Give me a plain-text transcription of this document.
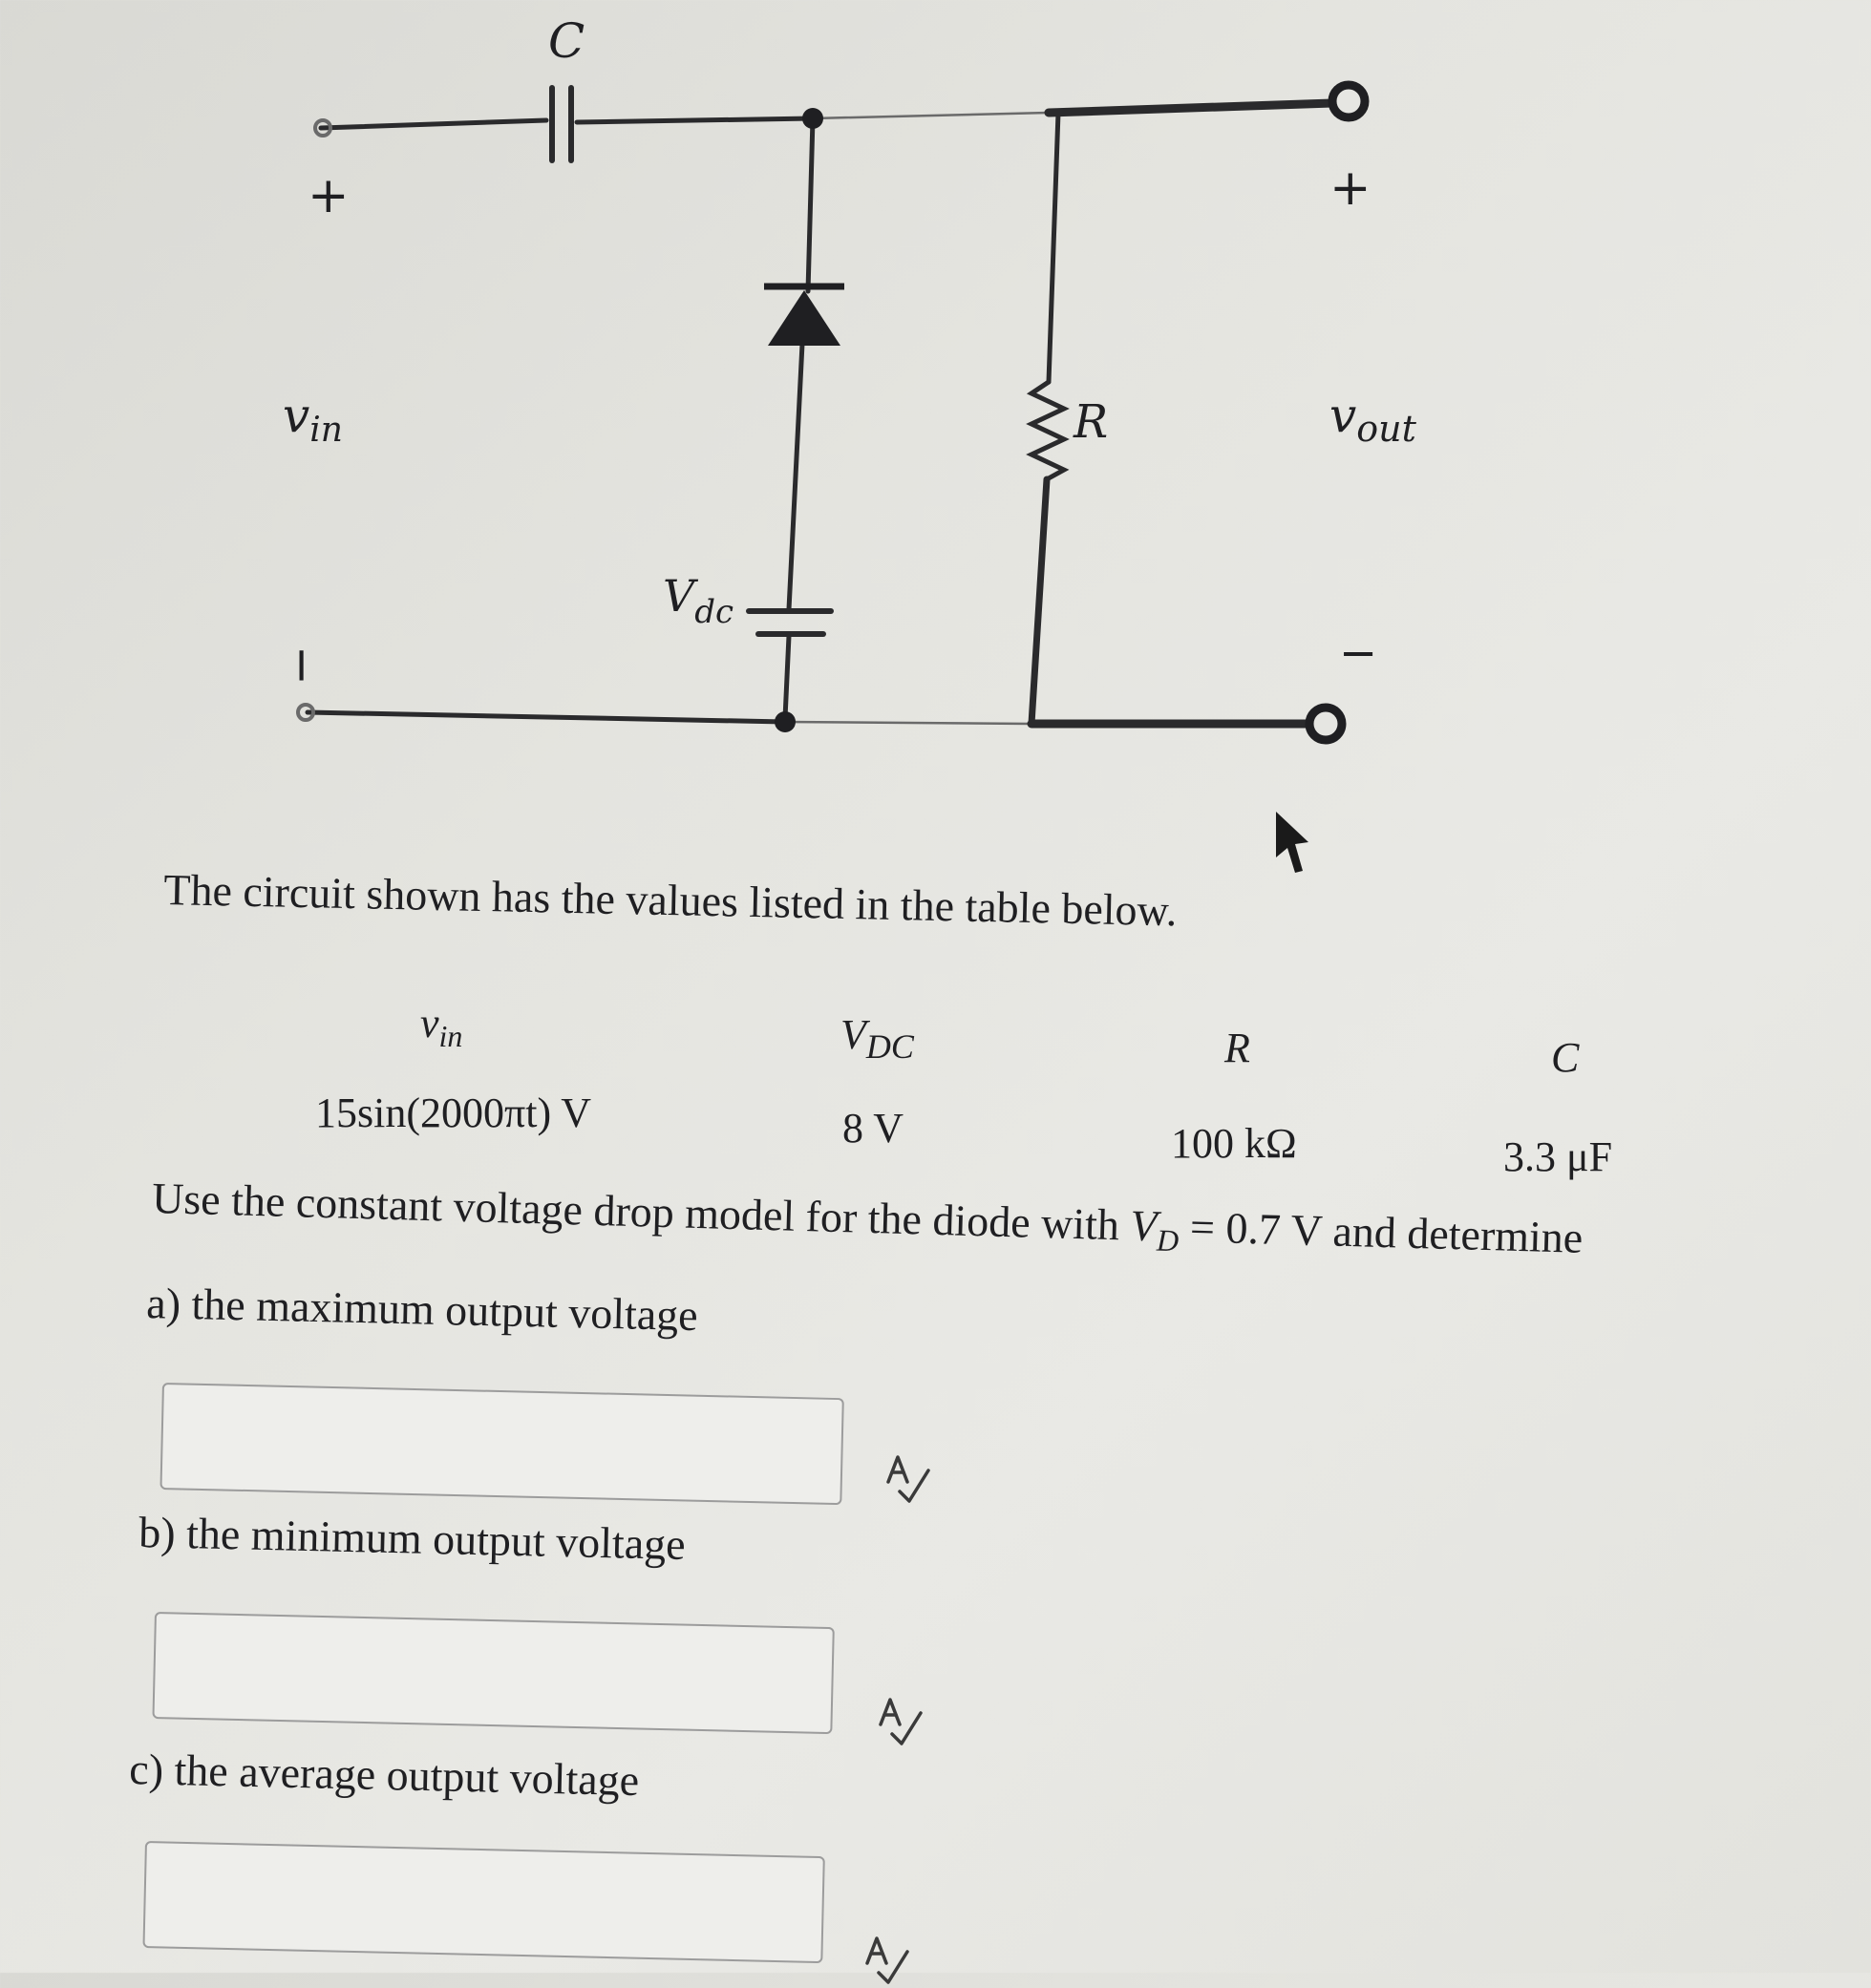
C
+
−
$v_{in}$
$V_{dc}$
R
+
$v_{out}$
−
The circuit shown has the values listed in the table below.
$v_{in}$	$V_{DC}$	R	C
15sin(2000πt) V	8 V	100 kΩ	3.3 μF
Use the constant voltage drop model for the diode with $V_D = 0.7$ V and determine
a) the maximum output voltage
b) the minimum output voltage
c) the average output voltage
